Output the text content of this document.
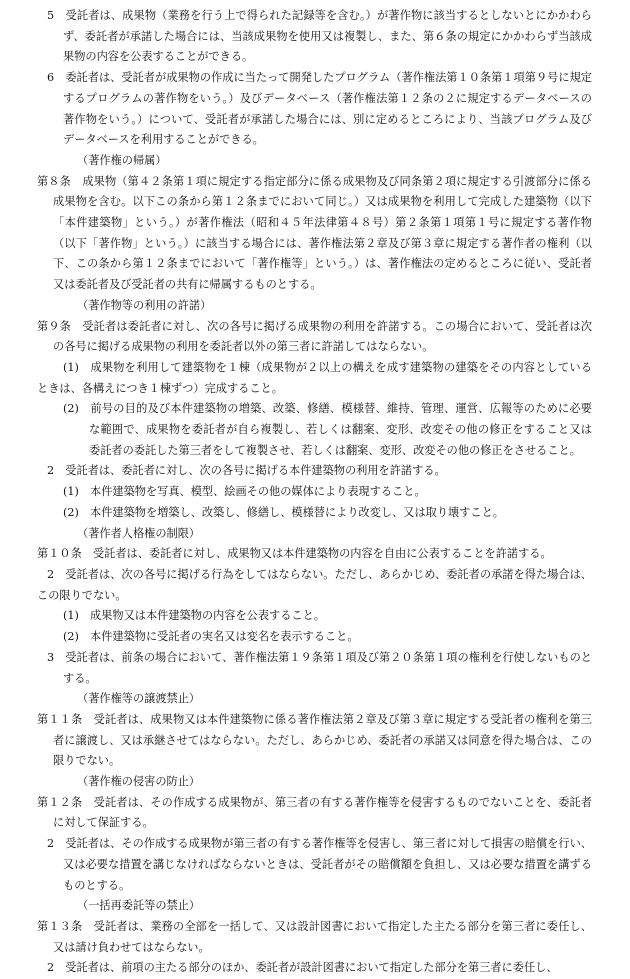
5　受託者は、成果物（業務を行う上で得られた記録等を含む。）が著作物に該当するとしないとにかかわらず、委託者が承諾した場合には、当該成果物を使用又は複製し、また、第６条の規定にかかわらず当該成果物の内容を公表することができる。

6　委託者は、受託者が成果物の作成に当たって開発したプログラム（著作権法第１０条第１項第９号に規定するプログラムの著作物をいう。）及びデータベース（著作権法第１２条の２に規定するデータベースの著作物をいう。）について、受託者が承諾した場合には、別に定めるところにより、当該プログラム及びデータベースを利用することができる。

（著作権の帰属）

第８条　成果物（第４２条第１項に規定する指定部分に係る成果物及び同条第２項に規定する引渡部分に係る成果物を含む。以下この条から第１２条までにおいて同じ。）又は成果物を利用して完成した建築物（以下「本件建築物」という。）が著作権法（昭和４５年法律第４８号）第２条第１項第１号に規定する著作物（以下「著作物」という。）に該当する場合には、著作権法第２章及び第３章に規定する著作者の権利（以下、この条から第１２条までにおいて「著作権等」という。）は、著作権法の定めるところに従い、受託者又は委託者及び受託者の共有に帰属するものとする。

（著作物等の利用の許諾）

第９条　受託者は委託者に対し、次の各号に掲げる成果物の利用を許諾する。この場合において、受託者は次の各号に掲げる成果物の利用を委託者以外の第三者に許諾してはならない。

(1)　成果物を利用して建築物を１棟（成果物が２以上の構えを成す建築物の建築をその内容としているときは、各構えにつき１棟ずつ）完成すること。

(2)　前号の目的及び本件建築物の増築、改築、修繕、模様替、維持、管理、運営、広報等のために必要な範囲で、成果物を委託者が自ら複製し、若しくは翻案、変形、改変その他の修正をすること又は委託者の委託した第三者をして複製させ、若しくは翻案、変形、改変その他の修正をさせること。

2　受託者は、委託者に対し、次の各号に掲げる本件建築物の利用を許諾する。

(1)　本件建築物を写真、模型、絵画その他の媒体により表現すること。

(2)　本件建築物を増築し、改築し、修繕し、模様替により改変し、又は取り壊すこと。

（著作者人格権の制限）

第１０条　受託者は、委託者に対し、成果物又は本件建築物の内容を自由に公表することを許諾する。

2　受託者は、次の各号に掲げる行為をしてはならない。ただし、あらかじめ、委託者の承諾を得た場合は、この限りでない。

(1)　成果物又は本件建築物の内容を公表すること。

(2)　本件建築物に受託者の実名又は変名を表示すること。

3　受託者は、前条の場合において、著作権法第１９条第１項及び第２０条第１項の権利を行使しないものとする。

（著作権等の譲渡禁止）

第１１条　受託者は、成果物又は本件建築物に係る著作権法第２章及び第３章に規定する受託者の権利を第三者に譲渡し、又は承継させてはならない。ただし、あらかじめ、委託者の承諾又は同意を得た場合は、この限りでない。

（著作権の侵害の防止）

第１２条　受託者は、その作成する成果物が、第三者の有する著作権等を侵害するものでないことを、委託者に対して保証する。

2　受託者は、その作成する成果物が第三者の有する著作権等を侵害し、第三者に対して損害の賠償を行い、又は必要な措置を講じなければならないときは、受託者がその賠償額を負担し、又は必要な措置を講ずるものとする。

（一括再委託等の禁止）

第１３条　受託者は、業務の全部を一括して、又は設計図書において指定した主たる部分を第三者に委任し、又は請け負わせてはならない。

2　受託者は、前項の主たる部分のほか、委託者が設計図書において指定した部分を第三者に委任し、
